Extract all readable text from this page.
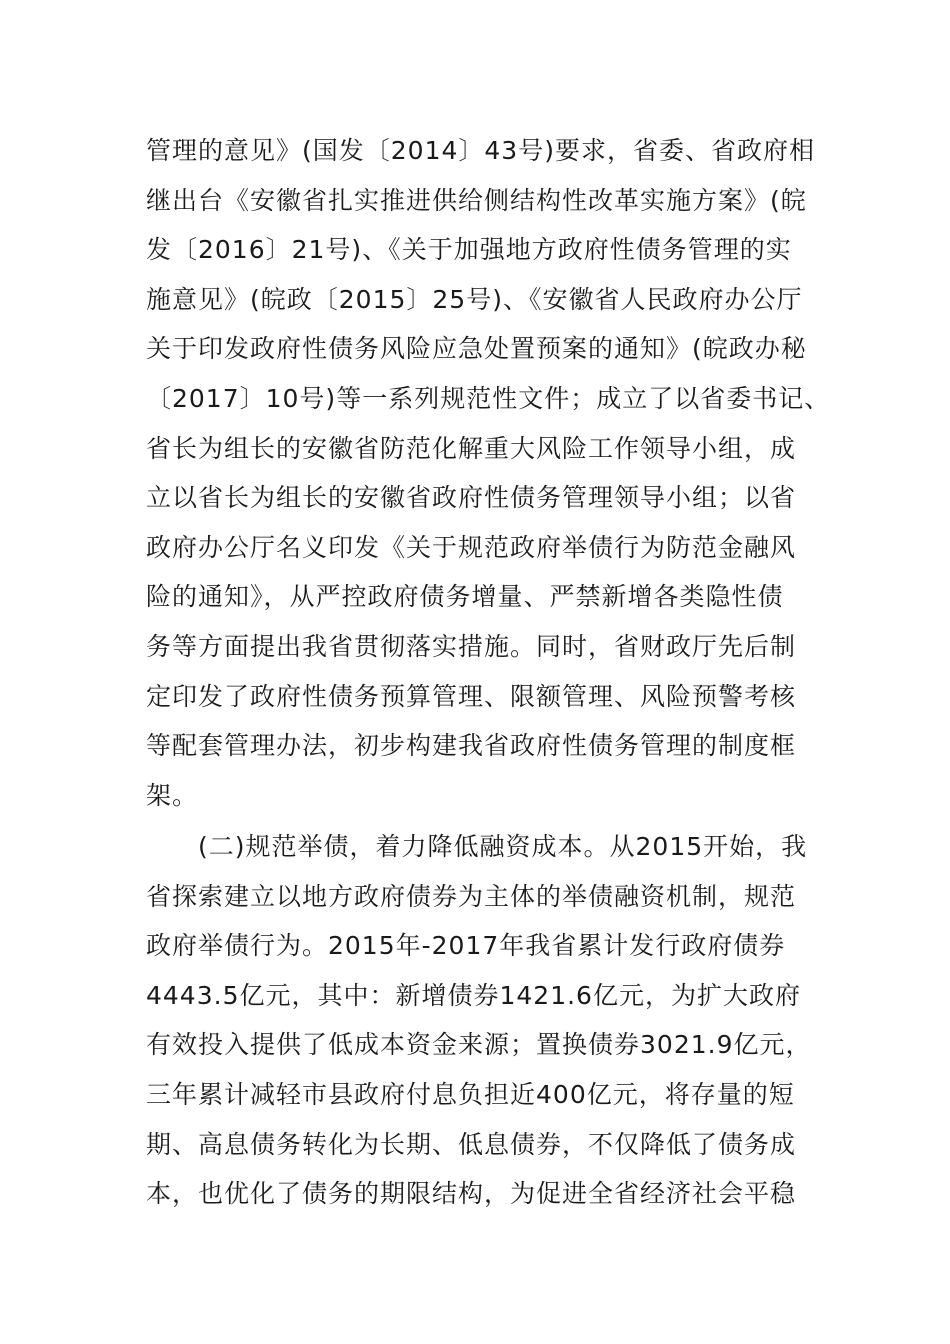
管理的意见》(国发〔2014〕43号)要求，省委、省政府相
继出台《安徽省扎实推进供给侧结构性改革实施方案》(皖
发〔2016〕21号)、《关于加强地方政府性债务管理的实
施意见》(皖政〔2015〕25号)、《安徽省人民政府办公厅
关于印发政府性债务风险应急处置预案的通知》(皖政办秘
〔2017〕10号)等一系列规范性文件；成立了以省委书记、
省长为组长的安徽省防范化解重大风险工作领导小组，成
立以省长为组长的安徽省政府性债务管理领导小组；以省
政府办公厅名义印发《关于规范政府举债行为防范金融风
险的通知》，从严控政府债务增量、严禁新增各类隐性债
务等方面提出我省贯彻落实措施。同时，省财政厅先后制
定印发了政府性债务预算管理、限额管理、风险预警考核
等配套管理办法，初步构建我省政府性债务管理的制度框
架。
(二)规范举债，着力降低融资成本。从2015开始，我
省探索建立以地方政府债券为主体的举债融资机制，规范
政府举债行为。2015年-2017年我省累计发行政府债券
4443.5亿元，其中：新增债券1421.6亿元，为扩大政府
有效投入提供了低成本资金来源；置换债券3021.9亿元，
三年累计减轻市县政府付息负担近400亿元，将存量的短
期、高息债务转化为长期、低息债券，不仅降低了债务成
本，也优化了债务的期限结构，为促进全省经济社会平稳
